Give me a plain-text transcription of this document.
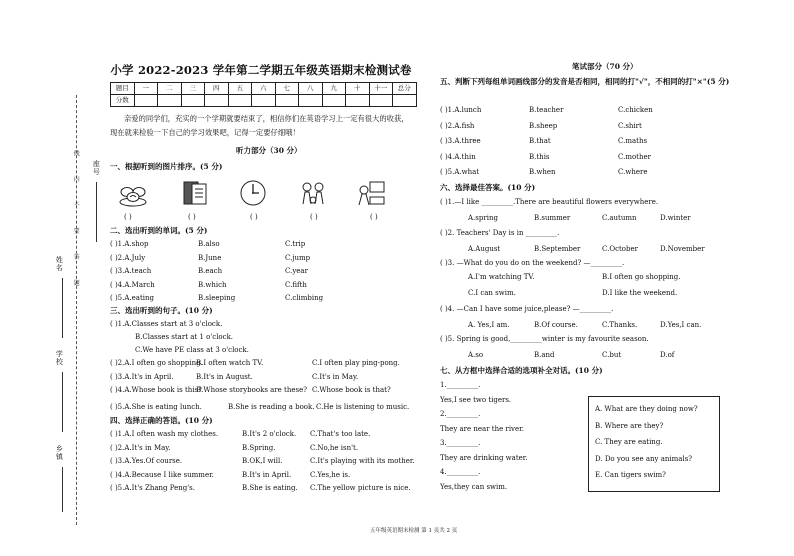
线 内 不 要 答 题 座号
姓名
学校
乡镇
小学 2022-2023 学年第二学期五年级英语期末检测试卷
题目	一	二	三	四	五	六	七	八	九	十	十一	总分
分数												
亲爱的同学们，充实的一个学期就要结束了，相信你们在英语学习上一定有很大的收获，现在就来检验一下自己的学习效果吧，记得一定要仔细哦！
听力部分（30 分）
一、根据听到的图片排序。(5 分)
( )	( )	( )	( )	( )
二、选出听到的单词。(5 分)
( )1.A.shop	B.also	C.trip
( )2.A.July	B.June	C.jump
( )3.A.teach	B.each	C.year
( )4.A.March	B.which	C.fifth
( )5.A.eating	B.sleeping	C.climbing
三、选出听到的句子。(10 分)
( )1.A.Classes start at 3 o'clock.
B.Classes start at 1 o'clock.
C.We have PE class at 3 o'clock.
( )2.A.I often go shopping.
B.I often watch TV.	C.I often play ping-pong.
( )3.A.It's in April.	B.It's in August.	C.It's in May.
( )4.A.Whose book is this?
B.Whose storybooks are these? C.Whose book is that?
( )5.A.She is eating lunch.	B.She is reading a book. C.He is listening to music.
四、选择正确的答语。(10 分)
( )1.A.I often wash my clothes.	B.It's 2 o'clock. C.That's too late.
( )2.A.It's in May.	B.Spring.	C.No,he isn't.
( )3.A.Yes.Of course.	B.OK,I will.	C.It's playing with its mother.
( )4.A.Because I like summer.	B.It's in April.	C.Yes,he is.
( )5.A.It's Zhang Peng's.	B.She is eating. C.The yellow picture is nice.
笔试部分（70 分）
五、判断下列每组单词画线部分的发音是否相同，相同的打"√"，不相同的打"×"(5 分)
( )1.A.lunch	B.teacher	C.chicken
( )2.A.fish	B.sheep	C.shirt
( )3.A.three	B.that	C.maths
( )4.A.thin	B.this	C.mother
( )5.A.what	B.when	C.where
六、选择最佳答案。(10 分)
( )1.—I like _________.There are beautiful flowers everywhere.
A.spring	B.summer	C.autumn	D.winter
( )2. Teachers' Day is in _________.
A.August	B.September	C.October	D.November
( )3. —What do you do on the weekend? —_________.
A.I'm watching TV.	B.I often go shopping.
C.I can swim.	D.I like the weekend.
( )4. —Can I have some juice,please? —_________.
A. Yes,I am.	B.Of course.	C.Thanks.	D.Yes,I can.
( )5. Spring is good,_________winter is my favourite season.
A.so	B.and	C.but	D.of
七、从方框中选择合适的选项补全对话。(10 分)
1._________.
Yes,I see two tigers.
2._________.
They are near the river.
3._________.
They are drinking water.
4._________.
Yes,they can swim.
A. What are they doing now?
B. Where are they?
C. They are eating.
D. Do you see any animals?
E. Can tigers swim?
五年级英语期末检测 第 1 页共 2 页
